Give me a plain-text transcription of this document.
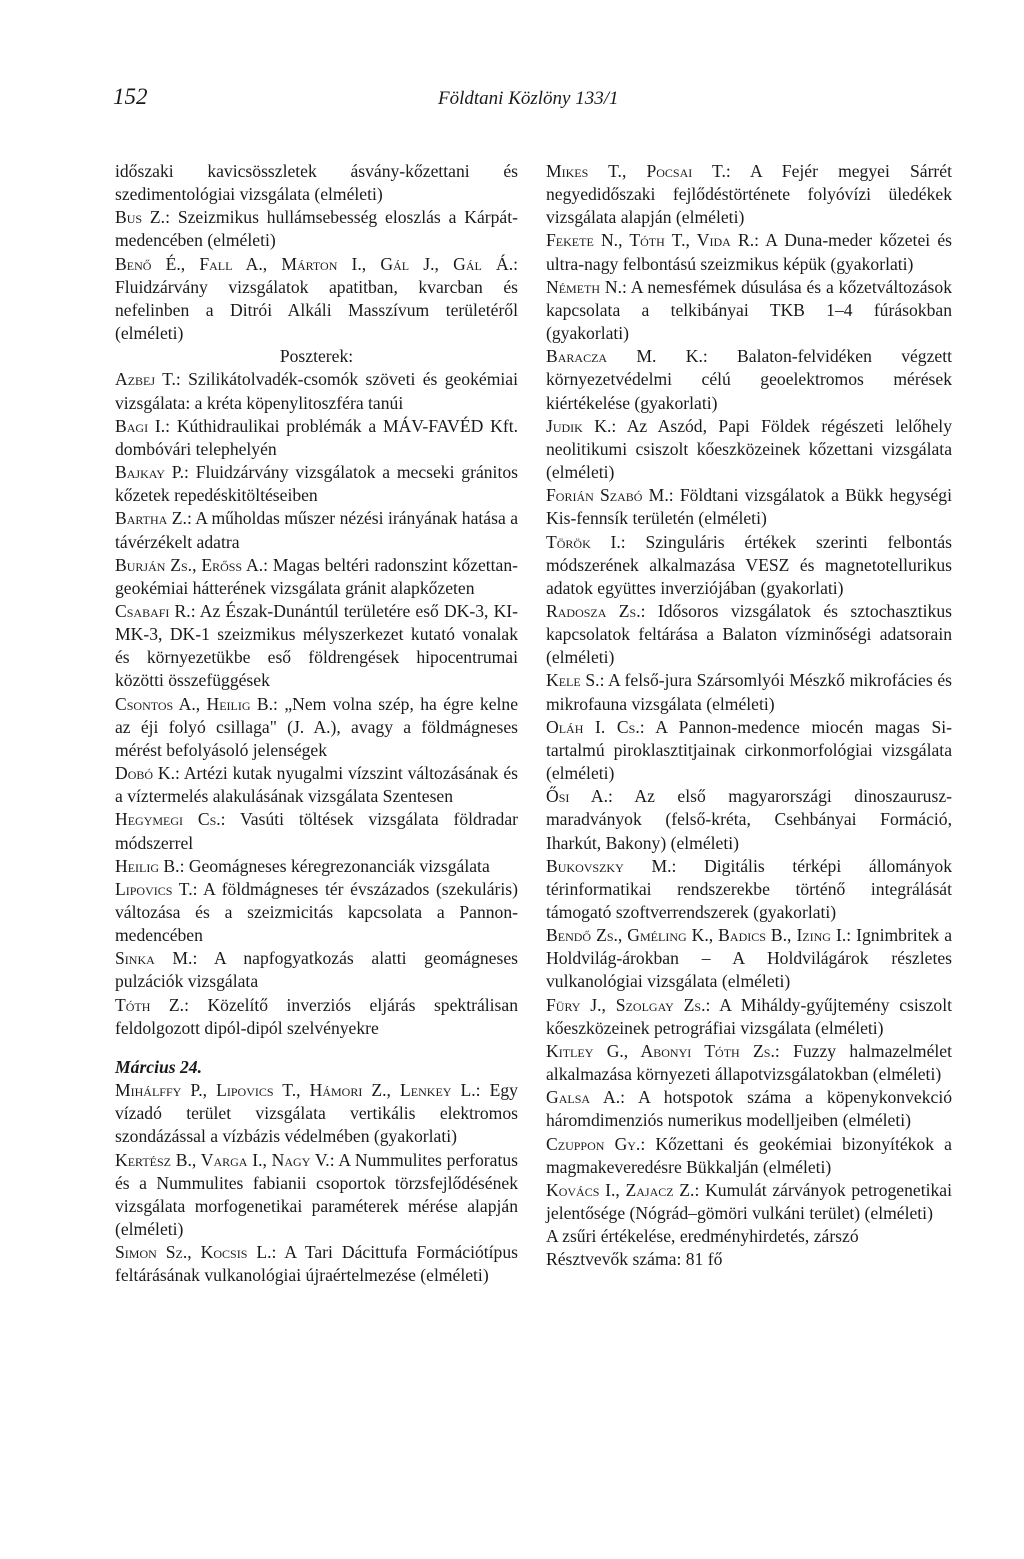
152	Földtani Közlöny 133/1

időszaki kavicsösszletek ásvány-kőzettani és szedimentológiai vizsgálata (elméleti)

Bus Z.: Szeizmikus hullámsebesség eloszlás a Kárpát-medencében (elméleti)

Benő É., Fall A., Márton I., Gál J., Gál Á.: Fluidzárvány vizsgálatok apatitban, kvarcban és nefelinben a Ditrói Alkáli Masszívum területéről (elméleti)

Poszterek:

Azbej T.: Szilikátolvadék-csomók szöveti és geokémiai vizsgálata: a kréta köpenylitoszféra tanúi

Bagi I.: Kúthidraulikai problémák a MÁV-FAVÉD Kft. dombóvári telephelyén

Bajkay P.: Fluidzárvány vizsgálatok a mecseki gránitos kőzetek repedéskitöltéseiben

Bartha Z.: A műholdas műszer nézési irányának hatása a távérzékelt adatra

Burján Zs., Erőss A.: Magas beltéri radonszint kőzettan-geokémiai hátterének vizsgálata gránit alapkőzeten

Csabafi R.: Az Észak-Dunántúl területére eső DK-3, KI-MK-3, DK-1 szeizmikus mélyszerkezet kutató vonalak és környezetükbe eső földrengések hipocentrumai közötti összefüggések

Csontos A., Heilig B.: „Nem volna szép, ha égre kelne az éji folyó csillaga" (J. A.), avagy a földmágneses mérést befolyásoló jelenségek

Dobó K.: Artézi kutak nyugalmi vízszint változásának és a víztermelés alakulásának vizsgálata Szentesen

Hegymegi Cs.: Vasúti töltések vizsgálata földradar módszerrel

Heilig B.: Geomágneses kéregrezonanciák vizsgálata

Lipovics T.: A földmágneses tér évszázados (szekuláris) változása és a szeizmicitás kapcsolata a Pannon-medencében

Sinka M.: A napfogyatkozás alatti geomágneses pulzációk vizsgálata

Tóth Z.: Közelítő inverziós eljárás spektrálisan feldolgozott dipól-dipól szelvényekre

Március 24.

Mihálffy P., Lipovics T., Hámori Z., Lenkey L.: Egy vízadó terület vizsgálata vertikális elektromos szondázással a vízbázis védelmében (gyakorlati)

Kertész B., Varga I., Nagy V.: A Nummulites perforatus és a Nummulites fabianii csoportok törzsfejlődésének vizsgálata morfogenetikai paraméterek mérése alapján (elméleti)

Simon Sz., Kocsis L.: A Tari Dácittufa Formációtípus feltárásának vulkanológiai újraértelmezése (elméleti)

Mikes T., Pocsai T.: A Fejér megyei Sárrét negyedidőszaki fejlődéstörténete folyóvízi üledékek vizsgálata alapján (elméleti)

Fekete N., Tóth T., Vida R.: A Duna-meder kőzetei és ultra-nagy felbontású szeizmikus képük (gyakorlati)

Németh N.: A nemesfémek dúsulása és a kőzetváltozások kapcsolata a telkibányai TKB 1–4 fúrásokban (gyakorlati)

Baracza M. K.: Balaton-felvidéken végzett környezetvédelmi célú geoelektromos mérések kiértékelése (gyakorlati)

Judik K.: Az Aszód, Papi Földek régészeti lelőhely neolitikumi csiszolt kőeszközeinek kőzettani vizsgálata (elméleti)

Forián Szabó M.: Földtani vizsgálatok a Bükk hegységi Kis-fennsík területén (elméleti)

Török I.: Szinguláris értékek szerinti felbontás módszerének alkalmazása VESZ és magnetotellurikus adatok együttes inverziójában (gyakorlati)

Radosza Zs.: Idősoros vizsgálatok és sztochasztikus kapcsolatok feltárása a Balaton vízminőségi adatsorain (elméleti)

Kele S.: A felső-jura Szársomlyói Mészkő mikrofácies és mikrofauna vizsgálata (elméleti)

Oláh I. Cs.: A Pannon-medence miocén magas Si-tartalmú piroklasztitjainak cirkonmorfológiai vizsgálata (elméleti)

Ősi A.: Az első magyarországi dinoszaurusz-maradványok (felső-kréta, Csehbányai Formáció, Iharkút, Bakony) (elméleti)

Bukovszky M.: Digitális térképi állományok térinformatikai rendszerekbe történő integrálását támogató szoftverrendszerek (gyakorlati)

Bendő Zs., Gméling K., Badics B., Izing I.: Ignimbritek a Holdvilág-árokban – A Holdvilágárok részletes vulkanológiai vizsgálata (elméleti)

Füry J., Szolgay Zs.: A Miháldy-gyűjtemény csiszolt kőeszközeinek petrográfiai vizsgálata (elméleti)

Kitley G., Abonyi Tóth Zs.: Fuzzy halmazelmélet alkalmazása környezeti állapotvizsgálatokban (elméleti)

Galsa A.: A hotspotok száma a köpenykonvekció háromdimenziós numerikus modelljeiben (elméleti)

Czuppon Gy.: Kőzettani és geokémiai bizonyítékok a magmakeveredésre Bükkalján (elméleti)

Kovács I., Zajacz Z.: Kumulát zárványok petrogenetikai jelentősége (Nógrád–gömöri vulkáni terület) (elméleti)

A zsűri értékelése, eredményhirdetés, zárszó

Résztvevők száma: 81 fő
